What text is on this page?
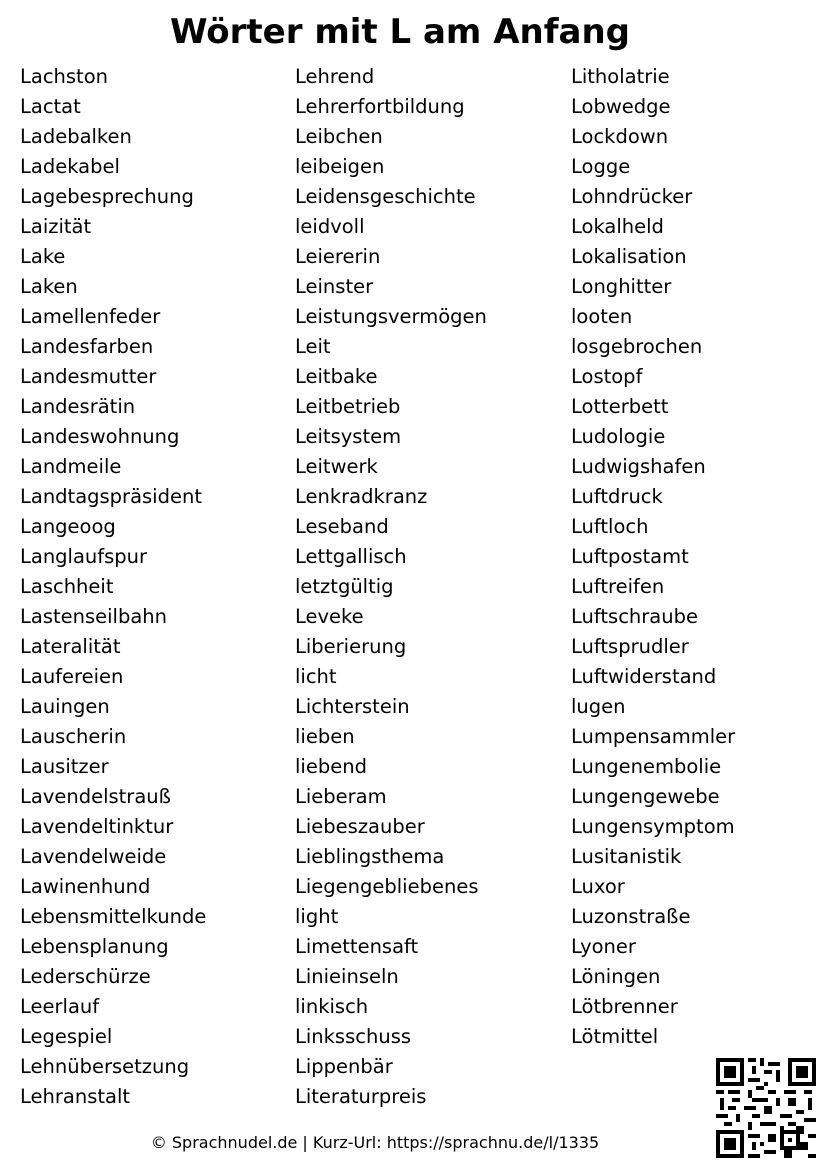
Wörter mit L am Anfang
Lachston
Lactat
Ladebalken
Ladekabel
Lagebesprechung
Laizität
Lake
Laken
Lamellenfeder
Landesfarben
Landesmutter
Landesrätin
Landeswohnung
Landmeile
Landtagspräsident
Langeoog
Langlaufspur
Laschheit
Lastenseilbahn
Lateralität
Laufereien
Lauingen
Lauscherin
Lausitzer
Lavendelstrauß
Lavendeltinktur
Lavendelweide
Lawinenhund
Lebensmittelkunde
Lebensplanung
Lederschürze
Leerlauf
Legespiel
Lehnübersetzung
Lehranstalt
Lehrend
Lehrerfortbildung
Leibchen
leibeigen
Leidensgeschichte
leidvoll
Leiererin
Leinster
Leistungsvermögen
Leit
Leitbake
Leitbetrieb
Leitsystem
Leitwerk
Lenkradkranz
Leseband
Lettgallisch
letztgültig
Leveke
Liberierung
licht
Lichterstein
lieben
liebend
Lieberam
Liebeszauber
Lieblingsthema
Liegengebliebenes
light
Limettensaft
Linieinseln
linkisch
Linksschuss
Lippenbär
Literaturpreis
Litholatrie
Lobwedge
Lockdown
Logge
Lohndrücker
Lokalheld
Lokalisation
Longhitter
looten
losgebrochen
Lostopf
Lotterbett
Ludologie
Ludwigshafen
Luftdruck
Luftloch
Luftpostamt
Luftreifen
Luftschraube
Luftsprudler
Luftwiderstand
lugen
Lumpensammler
Lungenembolie
Lungengewebe
Lungensymptom
Lusitanistik
Luxor
Luzonstraße
Lyoner
Löningen
Lötbrenner
Lötmittel
© Sprachnudel.de | Kurz-Url: https://sprachnu.de/l/1335
